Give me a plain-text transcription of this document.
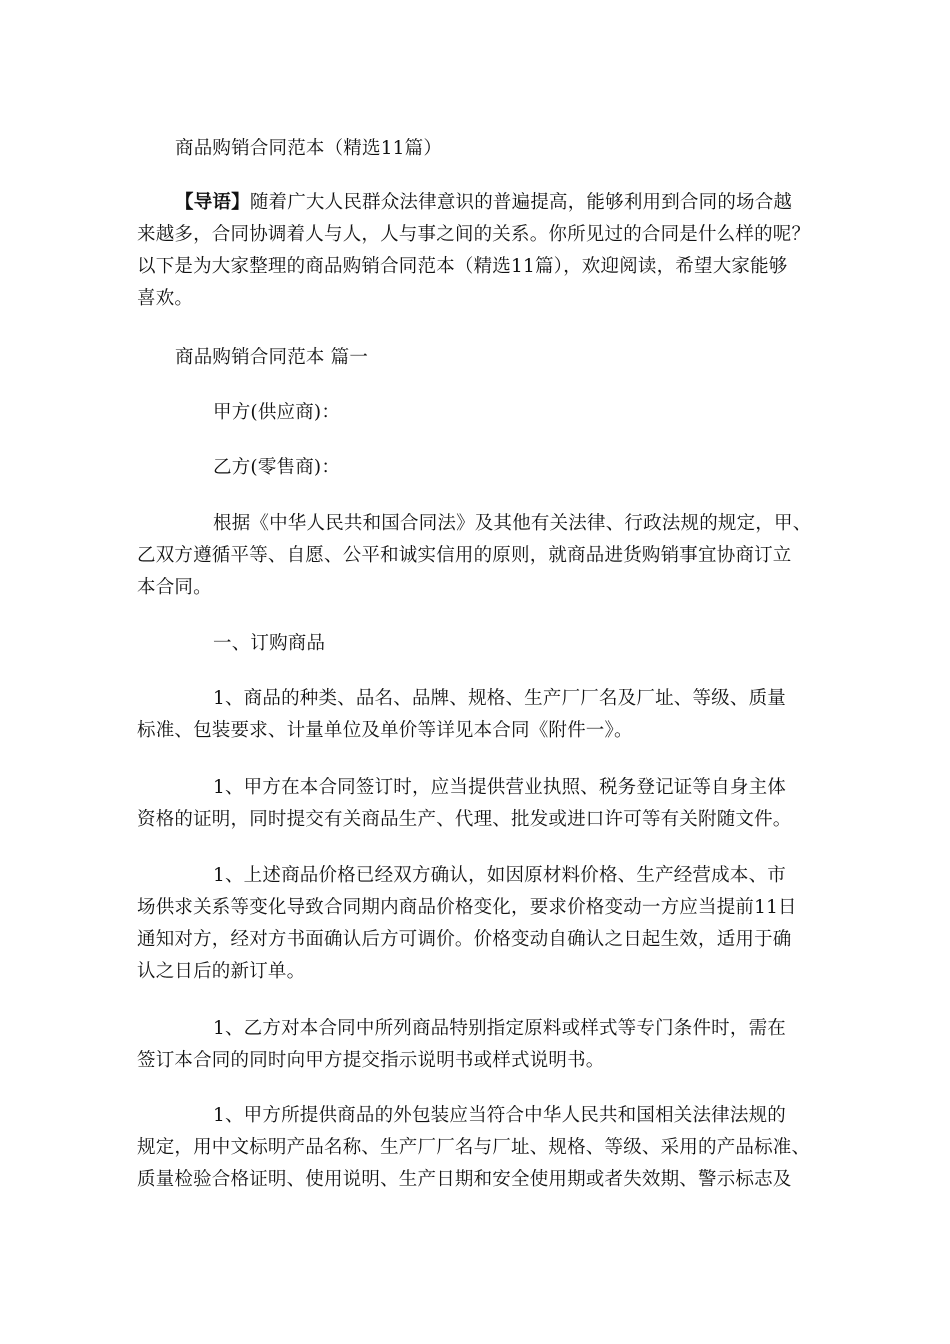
商品购销合同范本（精选11篇）

【导语】随着广大人民群众法律意识的普遍提高，能够利用到合同的场合越
来越多，合同协调着人与人，人与事之间的关系。你所见过的合同是什么样的呢？
以下是为大家整理的商品购销合同范本（精选11篇），欢迎阅读，希望大家能够
喜欢。

商品购销合同范本 篇一

甲方(供应商)：

乙方(零售商)：

根据《中华人民共和国合同法》及其他有关法律、行政法规的规定，甲、
乙双方遵循平等、自愿、公平和诚实信用的原则，就商品进货购销事宜协商订立
本合同。

一、订购商品

1、商品的种类、品名、品牌、规格、生产厂厂名及厂址、等级、质量
标准、包装要求、计量单位及单价等详见本合同《附件一》。
1、甲方在本合同签订时，应当提供营业执照、税务登记证等自身主体
资格的证明，同时提交有关商品生产、代理、批发或进口许可等有关附随文件。
1、上述商品价格已经双方确认，如因原材料价格、生产经营成本、市
场供求关系等变化导致合同期内商品价格变化，要求价格变动一方应当提前11日
通知对方，经对方书面确认后方可调价。价格变动自确认之日起生效，适用于确
认之日后的新订单。
1、乙方对本合同中所列商品特别指定原料或样式等专门条件时，需在
签订本合同的同时向甲方提交指示说明书或样式说明书。
1、甲方所提供商品的外包装应当符合中华人民共和国相关法律法规的
规定，用中文标明产品名称、生产厂厂名与厂址、规格、等级、采用的产品标准、
质量检验合格证明、使用说明、生产日期和安全使用期或者失效期、警示标志及
